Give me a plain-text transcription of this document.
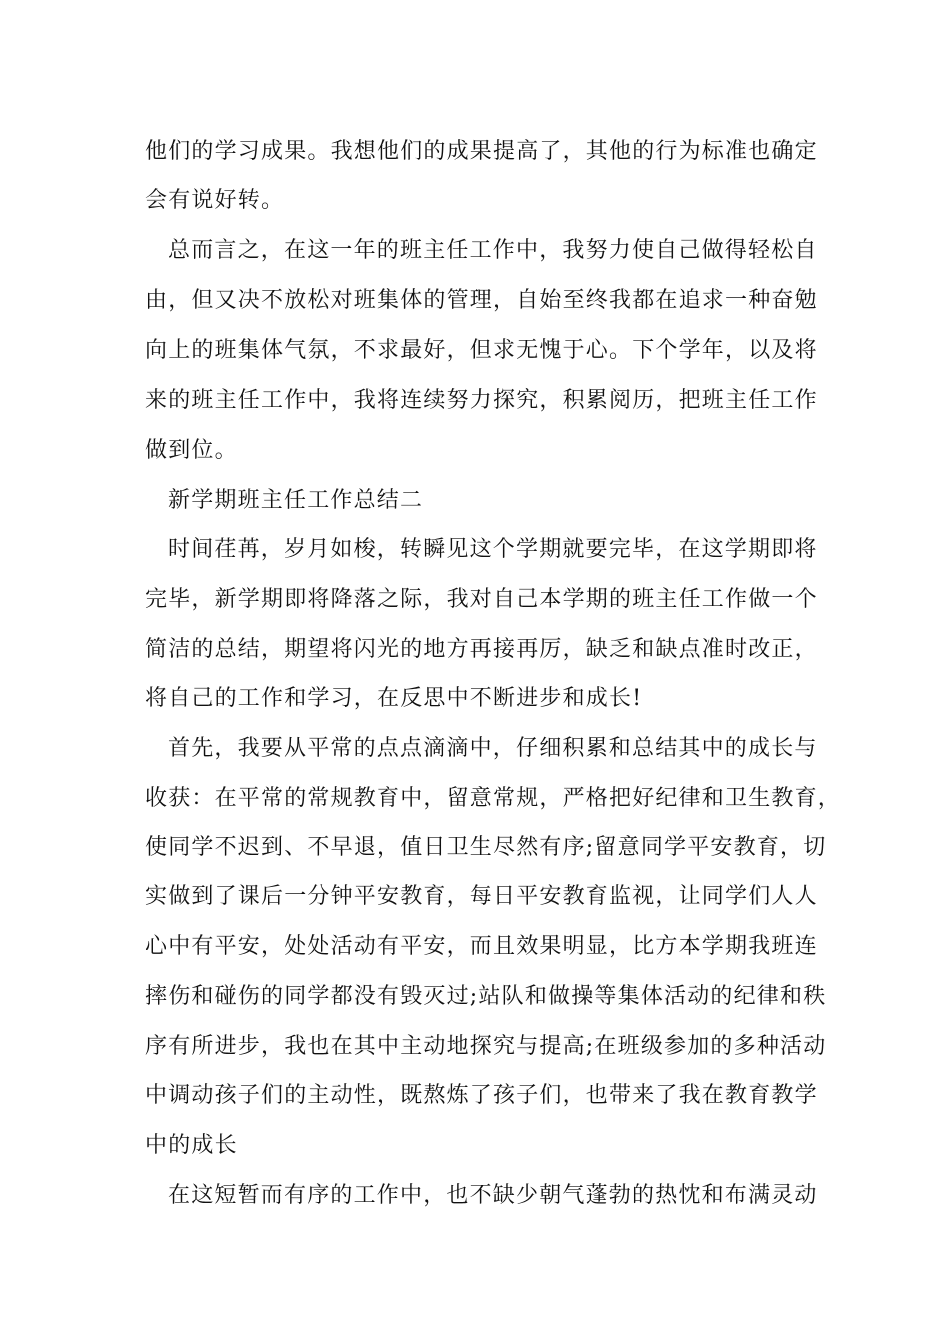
他们的学习成果。我想他们的成果提高了，其他的行为标准也确定
会有说好转。
总而言之，在这一年的班主任工作中，我努力使自己做得轻松自
由，但又决不放松对班集体的管理，自始至终我都在追求一种奋勉
向上的班集体气氛，不求最好，但求无愧于心。下个学年，以及将
来的班主任工作中，我将连续努力探究，积累阅历，把班主任工作
做到位。
新学期班主任工作总结二
时间荏苒，岁月如梭，转瞬见这个学期就要完毕，在这学期即将
完毕，新学期即将降落之际，我对自己本学期的班主任工作做一个
简洁的总结，期望将闪光的地方再接再厉，缺乏和缺点准时改正，
将自己的工作和学习，在反思中不断进步和成长!
首先，我要从平常的点点滴滴中，仔细积累和总结其中的成长与
收获：在平常的常规教育中，留意常规，严格把好纪律和卫生教育，
使同学不迟到、不早退，值日卫生尽然有序;留意同学平安教育，切
实做到了课后一分钟平安教育，每日平安教育监视，让同学们人人
心中有平安，处处活动有平安，而且效果明显，比方本学期我班连
摔伤和碰伤的同学都没有毁灭过;站队和做操等集体活动的纪律和秩
序有所进步，我也在其中主动地探究与提高;在班级参加的多种活动
中调动孩子们的主动性，既熬炼了孩子们，也带来了我在教育教学
中的成长
在这短暂而有序的工作中，也不缺少朝气蓬勃的热忱和布满灵动
